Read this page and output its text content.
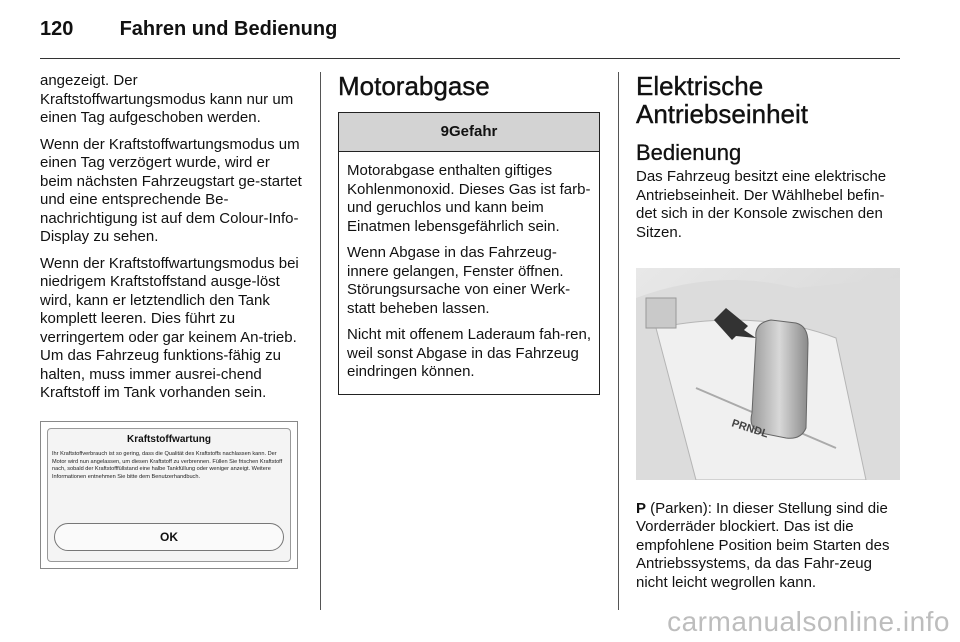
120 Fahren und Bedienung

angezeigt. Der Kraftstoffwartungsmodus kann nur um einen Tag aufgeschoben werden.

Wenn der Kraftstoffwartungsmodus um einen Tag verzögert wurde, wird er beim nächsten Fahrzeugstart ge-startet und eine entsprechende Be-nachrichtigung ist auf dem Colour-Info-Display zu sehen.

Wenn der Kraftstoffwartungsmodus bei niedrigem Kraftstoffstand ausge-löst wird, kann er letztendlich den Tank komplett leeren. Dies führt zu verringertem oder gar keinem An-trieb. Um das Fahrzeug funktions-fähig zu halten, muss immer ausrei-chend Kraftstoff im Tank vorhanden sein.

Kraftstoffwartung
Ihr Kraftstoffverbrauch ist so gering, dass die Qualität des Kraftstoffs nachlassen kann. Der Motor wird nun angelassen, um diesen Kraftstoff zu verbrennen. Füllen Sie frischen Kraftstoff nach, sobald der Kraftstofffüllstand eine halbe Tankfüllung oder weniger anzeigt. Weitere Informationen entnehmen Sie bitte dem Benutzerhandbuch.
OK
Motorabgase
9Gefahr

Motorabgase enthalten giftiges Kohlenmonoxid. Dieses Gas ist farb- und geruchlos und kann beim Einatmen lebensgefährlich sein.

Wenn Abgase in das Fahrzeug-innere gelangen, Fenster öffnen. Störungsursache von einer Werk-statt beheben lassen.

Nicht mit offenem Laderaum fah-ren, weil sonst Abgase in das Fahrzeug eindringen können.

Elektrische Antriebseinheit
Bedienung

Das Fahrzeug besitzt eine elektrische Antriebseinheit. Der Wählhebel befin-det sich in der Konsole zwischen den Sitzen.

PRNDL

P (Parken): In dieser Stellung sind die Vorderräder blockiert. Das ist die empfohlene Position beim Starten des Antriebssystems, da das Fahr-zeug nicht leicht wegrollen kann.

carmanualsonline.info
